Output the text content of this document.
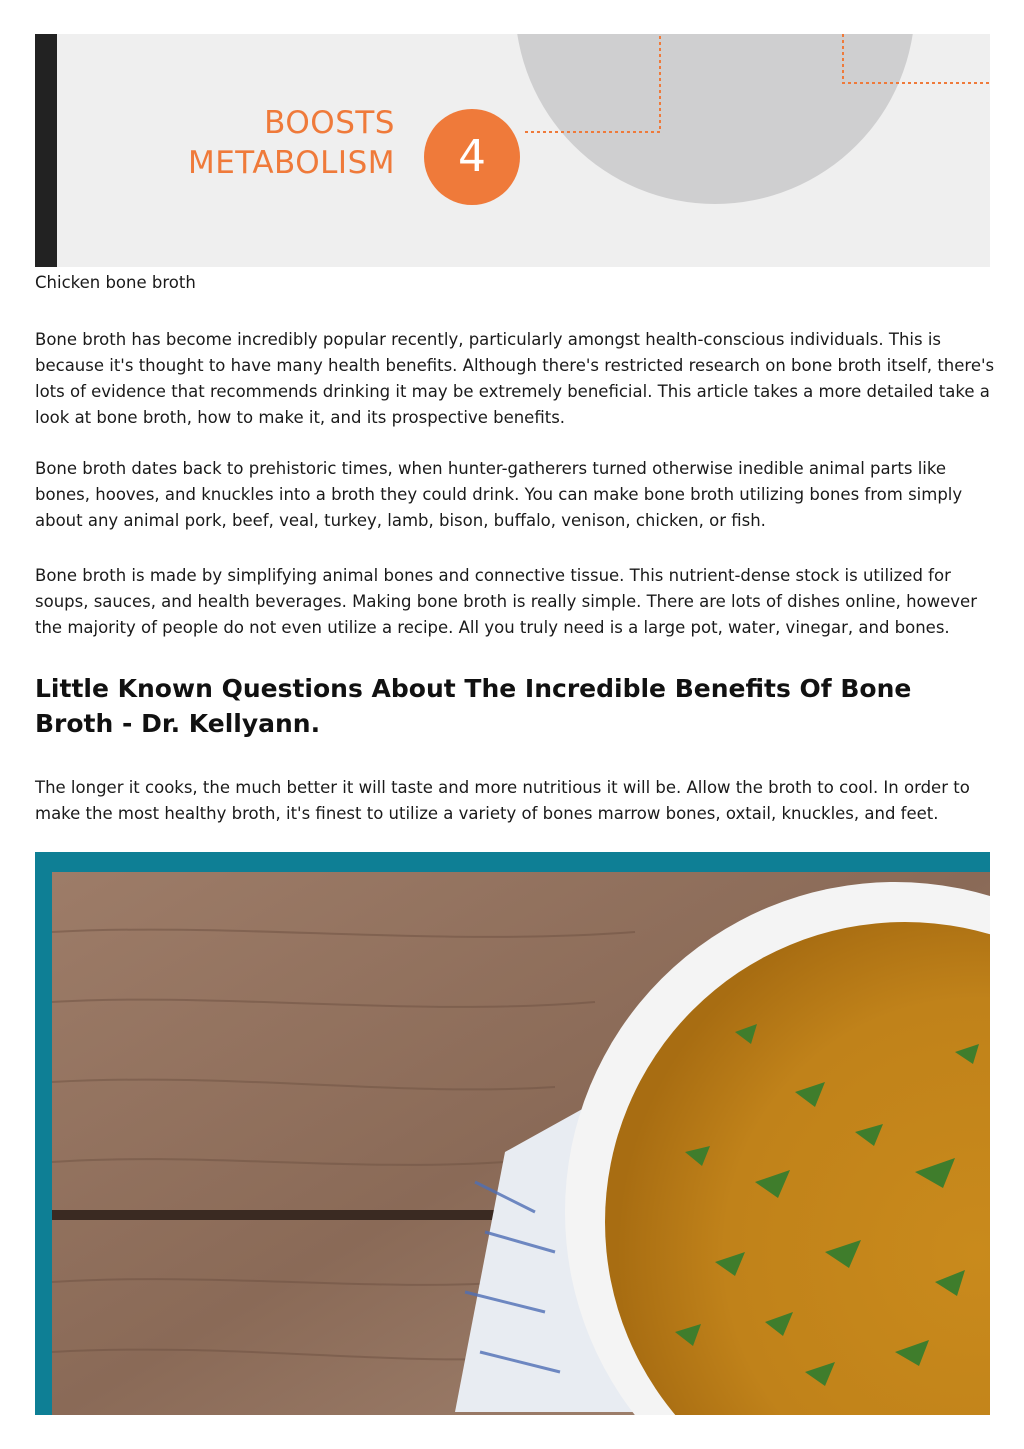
BOOSTS
METABOLISM	4
Chicken bone broth

Bone broth has become incredibly popular recently, particularly amongst health-conscious individuals. This is because it's thought to have many health benefits. Although there's restricted research on bone broth itself, there's lots of evidence that recommends drinking it may be extremely beneficial. This article takes a more detailed take a look at bone broth, how to make it, and its prospective benefits.

Bone broth dates back to prehistoric times, when hunter-gatherers turned otherwise inedible animal parts like bones, hooves, and knuckles into a broth they could drink. You can make bone broth utilizing bones from simply about any animal pork, beef, veal, turkey, lamb, bison, buffalo, venison, chicken, or fish.

Bone broth is made by simplifying animal bones and connective tissue. This nutrient-dense stock is utilized for soups, sauces, and health beverages. Making bone broth is really simple. There are lots of dishes online, however the majority of people do not even utilize a recipe. All you truly need is a large pot, water, vinegar, and bones.

Little Known Questions About The Incredible Benefits Of Bone Broth - Dr. Kellyann.

The longer it cooks, the much better it will taste and more nutritious it will be. Allow the broth to cool. In order to make the most healthy broth, it's finest to utilize a variety of bones marrow bones, oxtail, knuckles, and feet.
